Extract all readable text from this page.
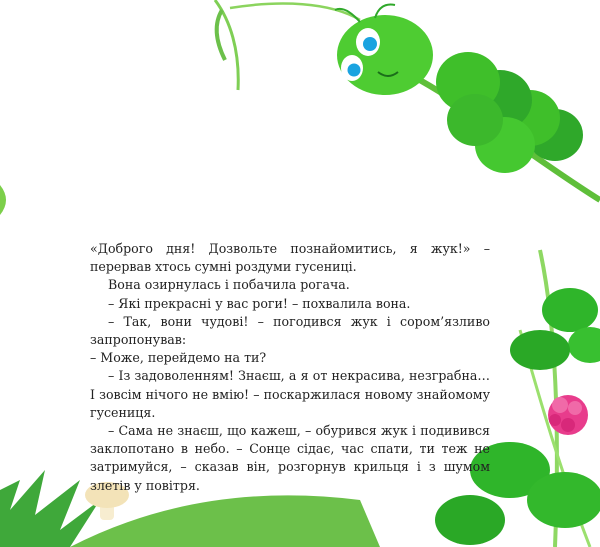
«Доброго дня! Дозвольте познайомитись, я жук!» – перервав хтось сумні роздуми гусениці.

Вона озирнулась і побачила рогача.

– Які прекрасні у вас роги! – похвалила вона.

– Так, вони чудові! – погодився жук і сором’язливо запропонував:

– Може, перейдемо на ти?

– Із задоволенням! Знаєш, а я от некрасива, незграбна… І зовсім нічого не вмію! – поскаржилася новому знайомому гусениця.

– Сама не знаєш, що кажеш, – обурився жук і подивився заклопотано в небо. – Сонце сідає, час спати, ти теж не затримуйся, – сказав він, розгорнув крильця і з шумом злетів у повітря.
